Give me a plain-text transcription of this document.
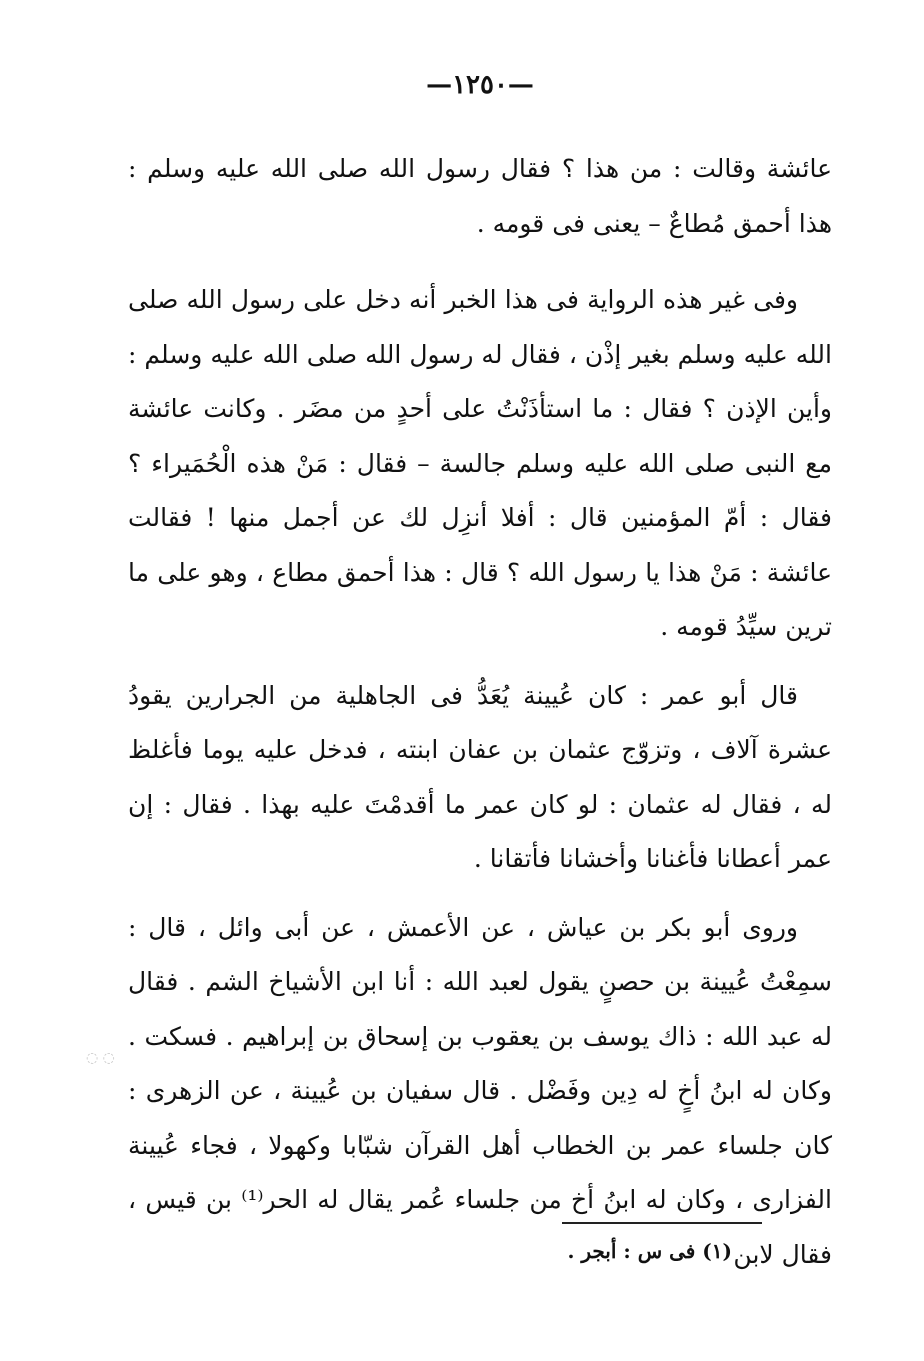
—١٢٥٠—

عائشة وقالت : من هذا ؟ فقال رسول الله صلى الله عليه وسلم : هذا أحمق مُطاعٌ – يعنى فى قومه .

وفى غير هذه الرواية فى هذا الخبر أنه دخل على رسول الله صلى الله عليه وسلم بغير إذْن ، فقال له رسول الله صلى الله عليه وسلم : وأين الإذن ؟ فقال : ما استأذَنْتُ على أحدٍ من مضَر . وكانت عائشة مع النبى صلى الله عليه وسلم جالسة – فقال : مَنْ هذه الْحُمَيراء ؟ فقال : أمّ المؤمنين قال : أفلا أنزِل لك عن أجمل منها ! فقالت عائشة : مَنْ هذا يا رسول الله ؟ قال : هذا أحمق مطاع ، وهو على ما ترين سيِّدُ قومه .

قال أبو عمر : كان عُيينة يُعَدُّ فى الجاهلية من الجرارين يقودُ عشرة آلاف ، وتزوّج عثمان بن عفان ابنته ، فدخل عليه يوما فأغلظ له ، فقال له عثمان : لو كان عمر ما أقدمْتَ عليه بهذا . فقال : إن عمر أعطانا فأغنانا وأخشانا فأتقانا .

وروى أبو بكر بن عياش ، عن الأعمش ، عن أبى وائل ، قال : سمِعْتُ عُيينة بن حصنٍ يقول لعبد الله : أنا ابن الأشياخ الشم . فقال له عبد الله : ذاك يوسف بن يعقوب بن إسحاق بن إبراهيم . فسكت . وكان له ابنُ أخٍ له دِين وفَضْل . قال سفيان بن عُيينة ، عن الزهرى : كان جلساء عمر بن الخطاب أهل القرآن شبّابا وكهولا ، فجاء عُيينة الفزارى ، وكان له ابنُ أخ من جلساء عُمر يقال له الحر⁽¹⁾ بن قيس ، فقال لابن

(١) فى س : أبجر .
◌ ◌
